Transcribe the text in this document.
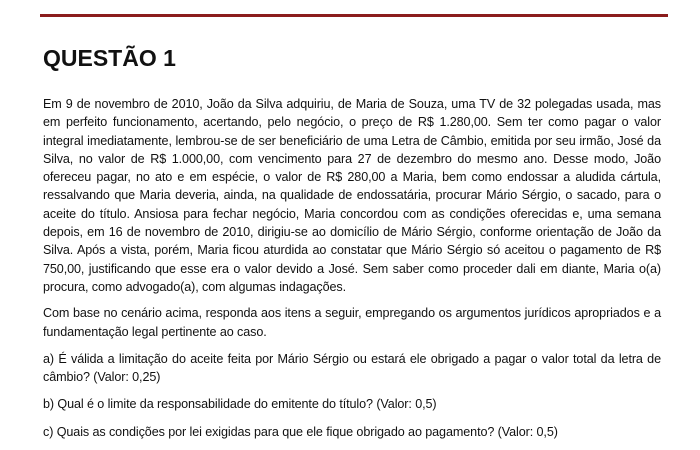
QUESTÃO 1

Em 9 de novembro de 2010, João da Silva adquiriu, de Maria de Souza, uma TV de 32 polegadas usada, mas em perfeito funcionamento, acertando, pelo negócio, o preço de R$ 1.280,00. Sem ter como pagar o valor integral imediatamente, lembrou-se de ser beneficiário de uma Letra de Câmbio, emitida por seu irmão, José da Silva, no valor de R$ 1.000,00, com vencimento para 27 de dezembro do mesmo ano. Desse modo, João ofereceu pagar, no ato e em espécie, o valor de R$ 280,00 a Maria, bem como endossar a aludida cártula, ressalvando que Maria deveria, ainda, na qualidade de endossatária, procurar Mário Sérgio, o sacado, para o aceite do título. Ansiosa para fechar negócio, Maria concordou com as condições oferecidas e, uma semana depois, em 16 de novembro de 2010, dirigiu-se ao domicílio de Mário Sérgio, conforme orientação de João da Silva. Após a vista, porém, Maria ficou aturdida ao constatar que Mário Sérgio só aceitou o pagamento de R$ 750,00, justificando que esse era o valor devido a José. Sem saber como proceder dali em diante, Maria o(a) procura, como advogado(a), com algumas indagações.

Com base no cenário acima, responda aos itens a seguir, empregando os argumentos jurídicos apropriados e a fundamentação legal pertinente ao caso.

a) É válida a limitação do aceite feita por Mário Sérgio ou estará ele obrigado a pagar o valor total da letra de câmbio? (Valor: 0,25)

b) Qual é o limite da responsabilidade do emitente do título? (Valor: 0,5)

c) Quais as condições por lei exigidas para que ele fique obrigado ao pagamento? (Valor: 0,5)
